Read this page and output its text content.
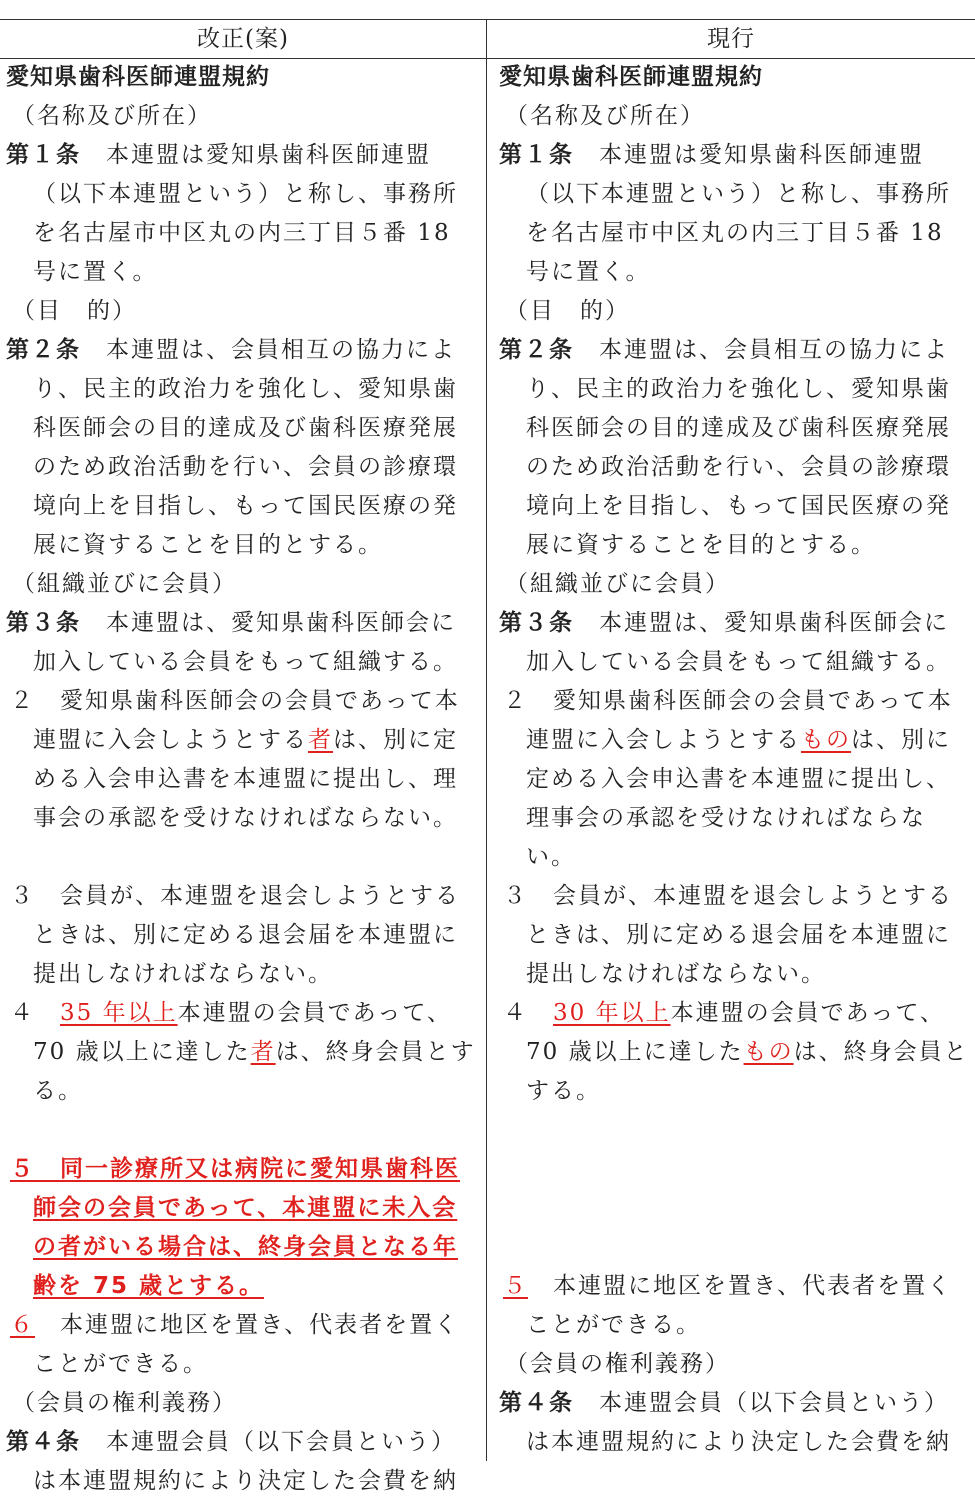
改正(案)	現行
愛知県歯科医師連盟規約
（名称及び所在）
第１条　本連盟は愛知県歯科医師連盟（以下本連盟という）と称し、事務所を名古屋市中区丸の内三丁目５番 18 号に置く。
（目　的）
第２条　本連盟は、会員相互の協力により、民主的政治力を強化し、愛知県歯科医師会の目的達成及び歯科医療発展のため政治活動を行い、会員の診療環境向上を目指し、もって国民医療の発展に資することを目的とする。
（組織並びに会員）
第３条　本連盟は、愛知県歯科医師会に加入している会員をもって組織する。
２　愛知県歯科医師会の会員であって本連盟に入会しようとする者は、別に定める入会申込書を本連盟に提出し、理事会の承認を受けなければならない。
３　会員が、本連盟を退会しようとするときは、別に定める退会届を本連盟に提出しなければならない。
４　 35 年以上本連盟の会員であって、70 歳以上に達した者は、終身会員とする。
５　同一診療所又は病院に愛知県歯科医師会の会員であって、本連盟に未入会の者がいる場合は、終身会員となる年齢を 75 歳とする。
６　本連盟に地区を置き、代表者を置くことができる。
（会員の権利義務）
第４条　本連盟会員（以下会員という）は本連盟規約により決定した会費を納
愛知県歯科医師連盟規約
（名称及び所在）
第１条　本連盟は愛知県歯科医師連盟（以下本連盟という）と称し、事務所を名古屋市中区丸の内三丁目５番 18 号に置く。
（目　的）
第２条　本連盟は、会員相互の協力により、民主的政治力を強化し、愛知県歯科医師会の目的達成及び歯科医療発展のため政治活動を行い、会員の診療環境向上を目指し、もって国民医療の発展に資することを目的とする。
（組織並びに会員）
第３条　本連盟は、愛知県歯科医師会に加入している会員をもって組織する。
２　愛知県歯科医師会の会員であって本連盟に入会しようとするものは、別に定める入会申込書を本連盟に提出し、理事会の承認を受けなければならない。
３　会員が、本連盟を退会しようとするときは、別に定める退会届を本連盟に提出しなければならない。
４　 30 年以上本連盟の会員であって、70 歳以上に達したものは、終身会員とする。
５　本連盟に地区を置き、代表者を置くことができる。
（会員の権利義務）
第４条　本連盟会員（以下会員という）は本連盟規約により決定した会費を納
